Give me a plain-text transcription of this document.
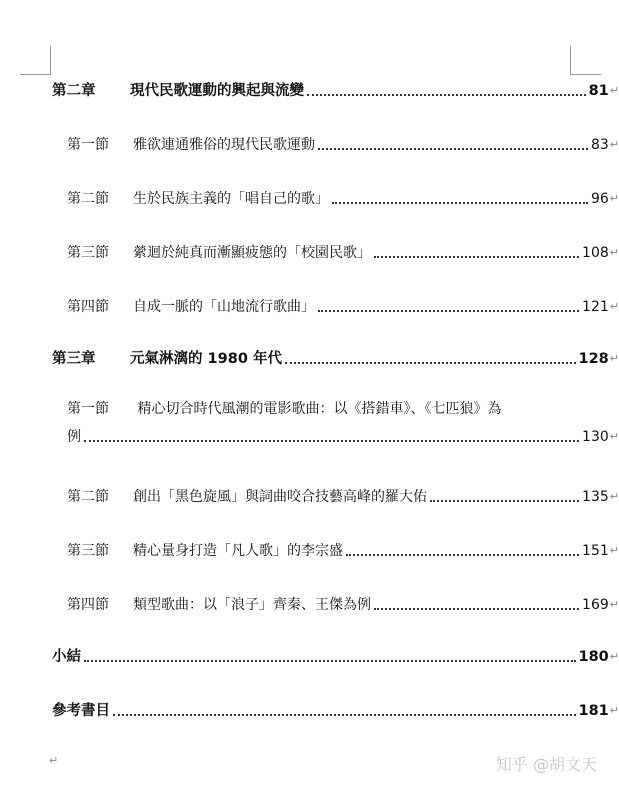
第二章	現代民歌運動的興起與流變	81 ↵
第一節	雅欲連通雅俗的現代民歌運動	83 ↵
第二節	生於民族主義的「唱自己的歌」	96 ↵
第三節	縈迴於純真而漸顯疲態的「校園民歌」	108 ↵
第四節	自成一脈的「山地流行歌曲」	121 ↵
第三章	元氣淋漓的 1980 年代	128 ↵
第一節 精心切合時代風潮的電影歌曲：以《搭錯車》、《七匹狼》為
例	130 ↵
第二節	創出「黑色旋風」與詞曲咬合技藝高峰的羅大佑	135 ↵
第三節	精心量身打造「凡人歌」的李宗盛	151 ↵
第四節	類型歌曲：以「浪子」齊秦、王傑為例	169 ↵
小結	180 ↵
參考書目	181 ↵
↵	知乎 @胡文天
